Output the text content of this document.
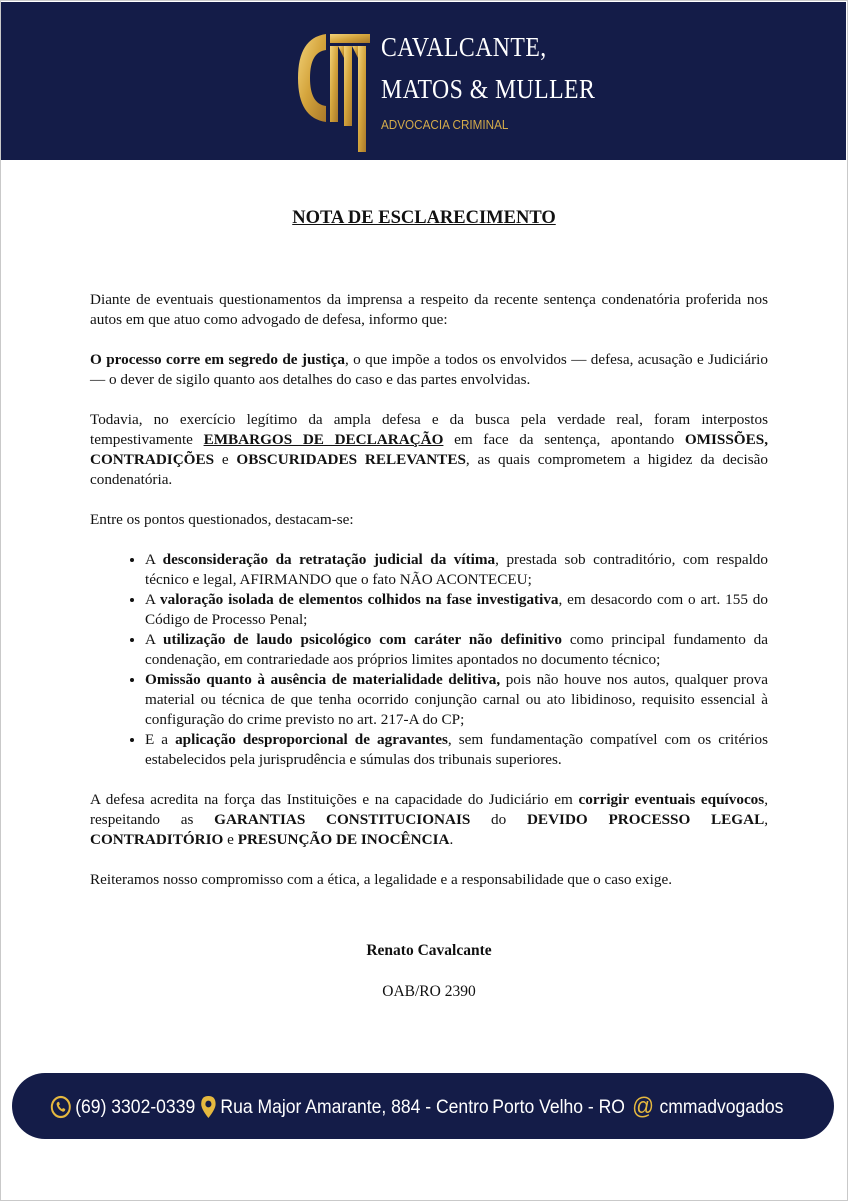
CAVALCANTE,
MATOS & MULLER
ADVOCACIA CRIMINAL
NOTA DE ESCLARECIMENTO

Diante de eventuais questionamentos da imprensa a respeito da recente sentença condenatória proferida nos autos em que atuo como advogado de defesa, informo que:

O processo corre em segredo de justiça, o que impõe a todos os envolvidos — defesa, acusação e Judiciário — o dever de sigilo quanto aos detalhes do caso e das partes envolvidas.

Todavia, no exercício legítimo da ampla defesa e da busca pela verdade real, foram interpostos tempestivamente EMBARGOS DE DECLARAÇÃO em face da sentença, apontando OMISSÕES, CONTRADIÇÕES e OBSCURIDADES RELEVANTES, as quais comprometem a higidez da decisão condenatória.

Entre os pontos questionados, destacam-se:

• A desconsideração da retratação judicial da vítima, prestada sob contraditório, com respaldo técnico e legal, AFIRMANDO que o fato NÃO ACONTECEU;
• A valoração isolada de elementos colhidos na fase investigativa, em desacordo com o art. 155 do Código de Processo Penal;
• A utilização de laudo psicológico com caráter não definitivo como principal fundamento da condenação, em contrariedade aos próprios limites apontados no documento técnico;
• Omissão quanto à ausência de materialidade delitiva, pois não houve nos autos, qualquer prova material ou técnica de que tenha ocorrido conjunção carnal ou ato libidinoso, requisito essencial à configuração do crime previsto no art. 217-A do CP;
• E a aplicação desproporcional de agravantes, sem fundamentação compatível com os critérios estabelecidos pela jurisprudência e súmulas dos tribunais superiores.

A defesa acredita na força das Instituições e na capacidade do Judiciário em corrigir eventuais equívocos, respeitando as GARANTIAS CONSTITUCIONAIS do DEVIDO PROCESSO LEGAL, CONTRADITÓRIO e PRESUNÇÃO DE INOCÊNCIA.

Reiteramos nosso compromisso com a ética, a legalidade e a responsabilidade que o caso exige.

Renato Cavalcante
OAB/RO 2390
(69) 3302-0339 Rua Major Amarante, 884 - Centro Porto Velho - RO @ cmmadvogados
